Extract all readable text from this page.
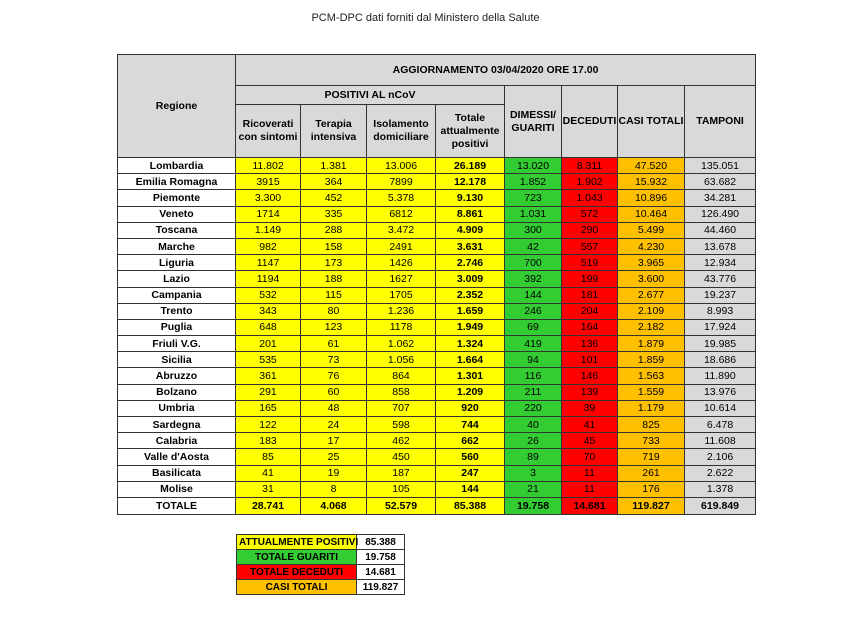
PCM-DPC dati forniti dal Ministero della Salute
Regione	AGGIORNAMENTO 03/04/2020 ORE 17.00							
	POSITIVI AL nCoV				DIMESSI/ GUARITI	DECEDUTI	CASI TOTALI	TAMPONI
	Ricoverati con sintomi	Terapia intensiva	Isolamento domiciliare	Totale attualmente positivi				
Lombardia	11.802	1.381	13.006	26.189	13.020	8.311	47.520	135.051
Emilia Romagna	3915	364	7899	12.178	1.852	1.902	15.932	63.682
Piemonte	3.300	452	5.378	9.130	723	1.043	10.896	34.281
Veneto	1714	335	6812	8.861	1.031	572	10.464	126.490
Toscana	1.149	288	3.472	4.909	300	290	5.499	44.460
Marche	982	158	2491	3.631	42	557	4.230	13.678
Liguria	1147	173	1426	2.746	700	519	3.965	12.934
Lazio	1194	188	1627	3.009	392	199	3.600	43.776
Campania	532	115	1705	2.352	144	181	2.677	19.237
Trento	343	80	1.236	1.659	246	204	2.109	8.993
Puglia	648	123	1178	1.949	69	164	2.182	17.924
Friuli V.G.	201	61	1.062	1.324	419	136	1.879	19.985
Sicilia	535	73	1.056	1.664	94	101	1.859	18.686
Abruzzo	361	76	864	1.301	116	146	1.563	11.890
Bolzano	291	60	858	1.209	211	139	1.559	13.976
Umbria	165	48	707	920	220	39	1.179	10.614
Sardegna	122	24	598	744	40	41	825	6.478
Calabria	183	17	462	662	26	45	733	11.608
Valle d'Aosta	85	25	450	560	89	70	719	2.106
Basilicata	41	19	187	247	3	11	261	2.622
Molise	31	8	105	144	21	11	176	1.378
TOTALE	28.741	4.068	52.579	85.388	19.758	14.681	119.827	619.849
ATTUALMENTE POSITIVI	85.388
TOTALE GUARITI	19.758
TOTALE DECEDUTI	14.681
CASI TOTALI	119.827
